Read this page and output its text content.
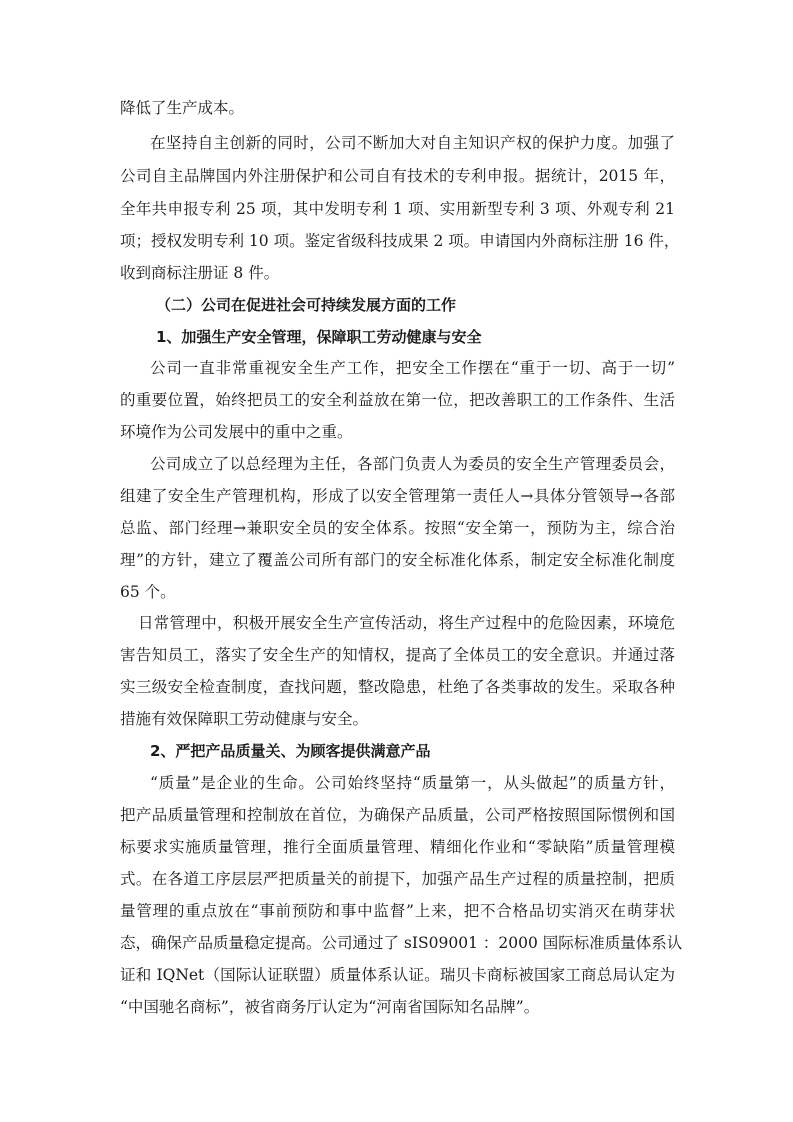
降低了生产成本。
在坚持自主创新的同时，公司不断加大对自主知识产权的保护力度。加强了
公司自主品牌国内外注册保护和公司自有技术的专利申报。据统计，2015 年，
全年共申报专利 25 项，其中发明专利 1 项、实用新型专利 3 项、外观专利 21
项；授权发明专利 10 项。鉴定省级科技成果 2 项。申请国内外商标注册 16 件，
收到商标注册证 8 件。
（二）公司在促进社会可持续发展方面的工作
1、加强生产安全管理，保障职工劳动健康与安全
公司一直非常重视安全生产工作，把安全工作摆在“重于一切、高于一切”
的重要位置，始终把员工的安全利益放在第一位，把改善职工的工作条件、生活
环境作为公司发展中的重中之重。
公司成立了以总经理为主任，各部门负责人为委员的安全生产管理委员会，
组建了安全生产管理机构，形成了以安全管理第一责任人→具体分管领导→各部
总监、部门经理→兼职安全员的安全体系。按照“安全第一，预防为主，综合治
理”的方针，建立了覆盖公司所有部门的安全标准化体系，制定安全标准化制度
65 个。
日常管理中，积极开展安全生产宣传活动，将生产过程中的危险因素，环境危
害告知员工，落实了安全生产的知情权，提高了全体员工的安全意识。并通过落
实三级安全检查制度，查找问题，整改隐患，杜绝了各类事故的发生。采取各种
措施有效保障职工劳动健康与安全。
2、严把产品质量关、为顾客提供满意产品
“质量”是企业的生命。公司始终坚持“质量第一，从头做起”的质量方针，
把产品质量管理和控制放在首位，为确保产品质量，公司严格按照国际惯例和国
标要求实施质量管理，推行全面质量管理、精细化作业和“零缺陷”质量管理模
式。在各道工序层层严把质量关的前提下，加强产品生产过程的质量控制，把质
量管理的重点放在“事前预防和事中监督”上来，把不合格品切实消灭在萌芽状
态，确保产品质量稳定提高。公司通过了 sIS09001 ：2000 国际标准质量体系认
证和 IQNet（国际认证联盟）质量体系认证。瑞贝卡商标被国家工商总局认定为
“中国驰名商标”，被省商务厅认定为“河南省国际知名品牌”。
